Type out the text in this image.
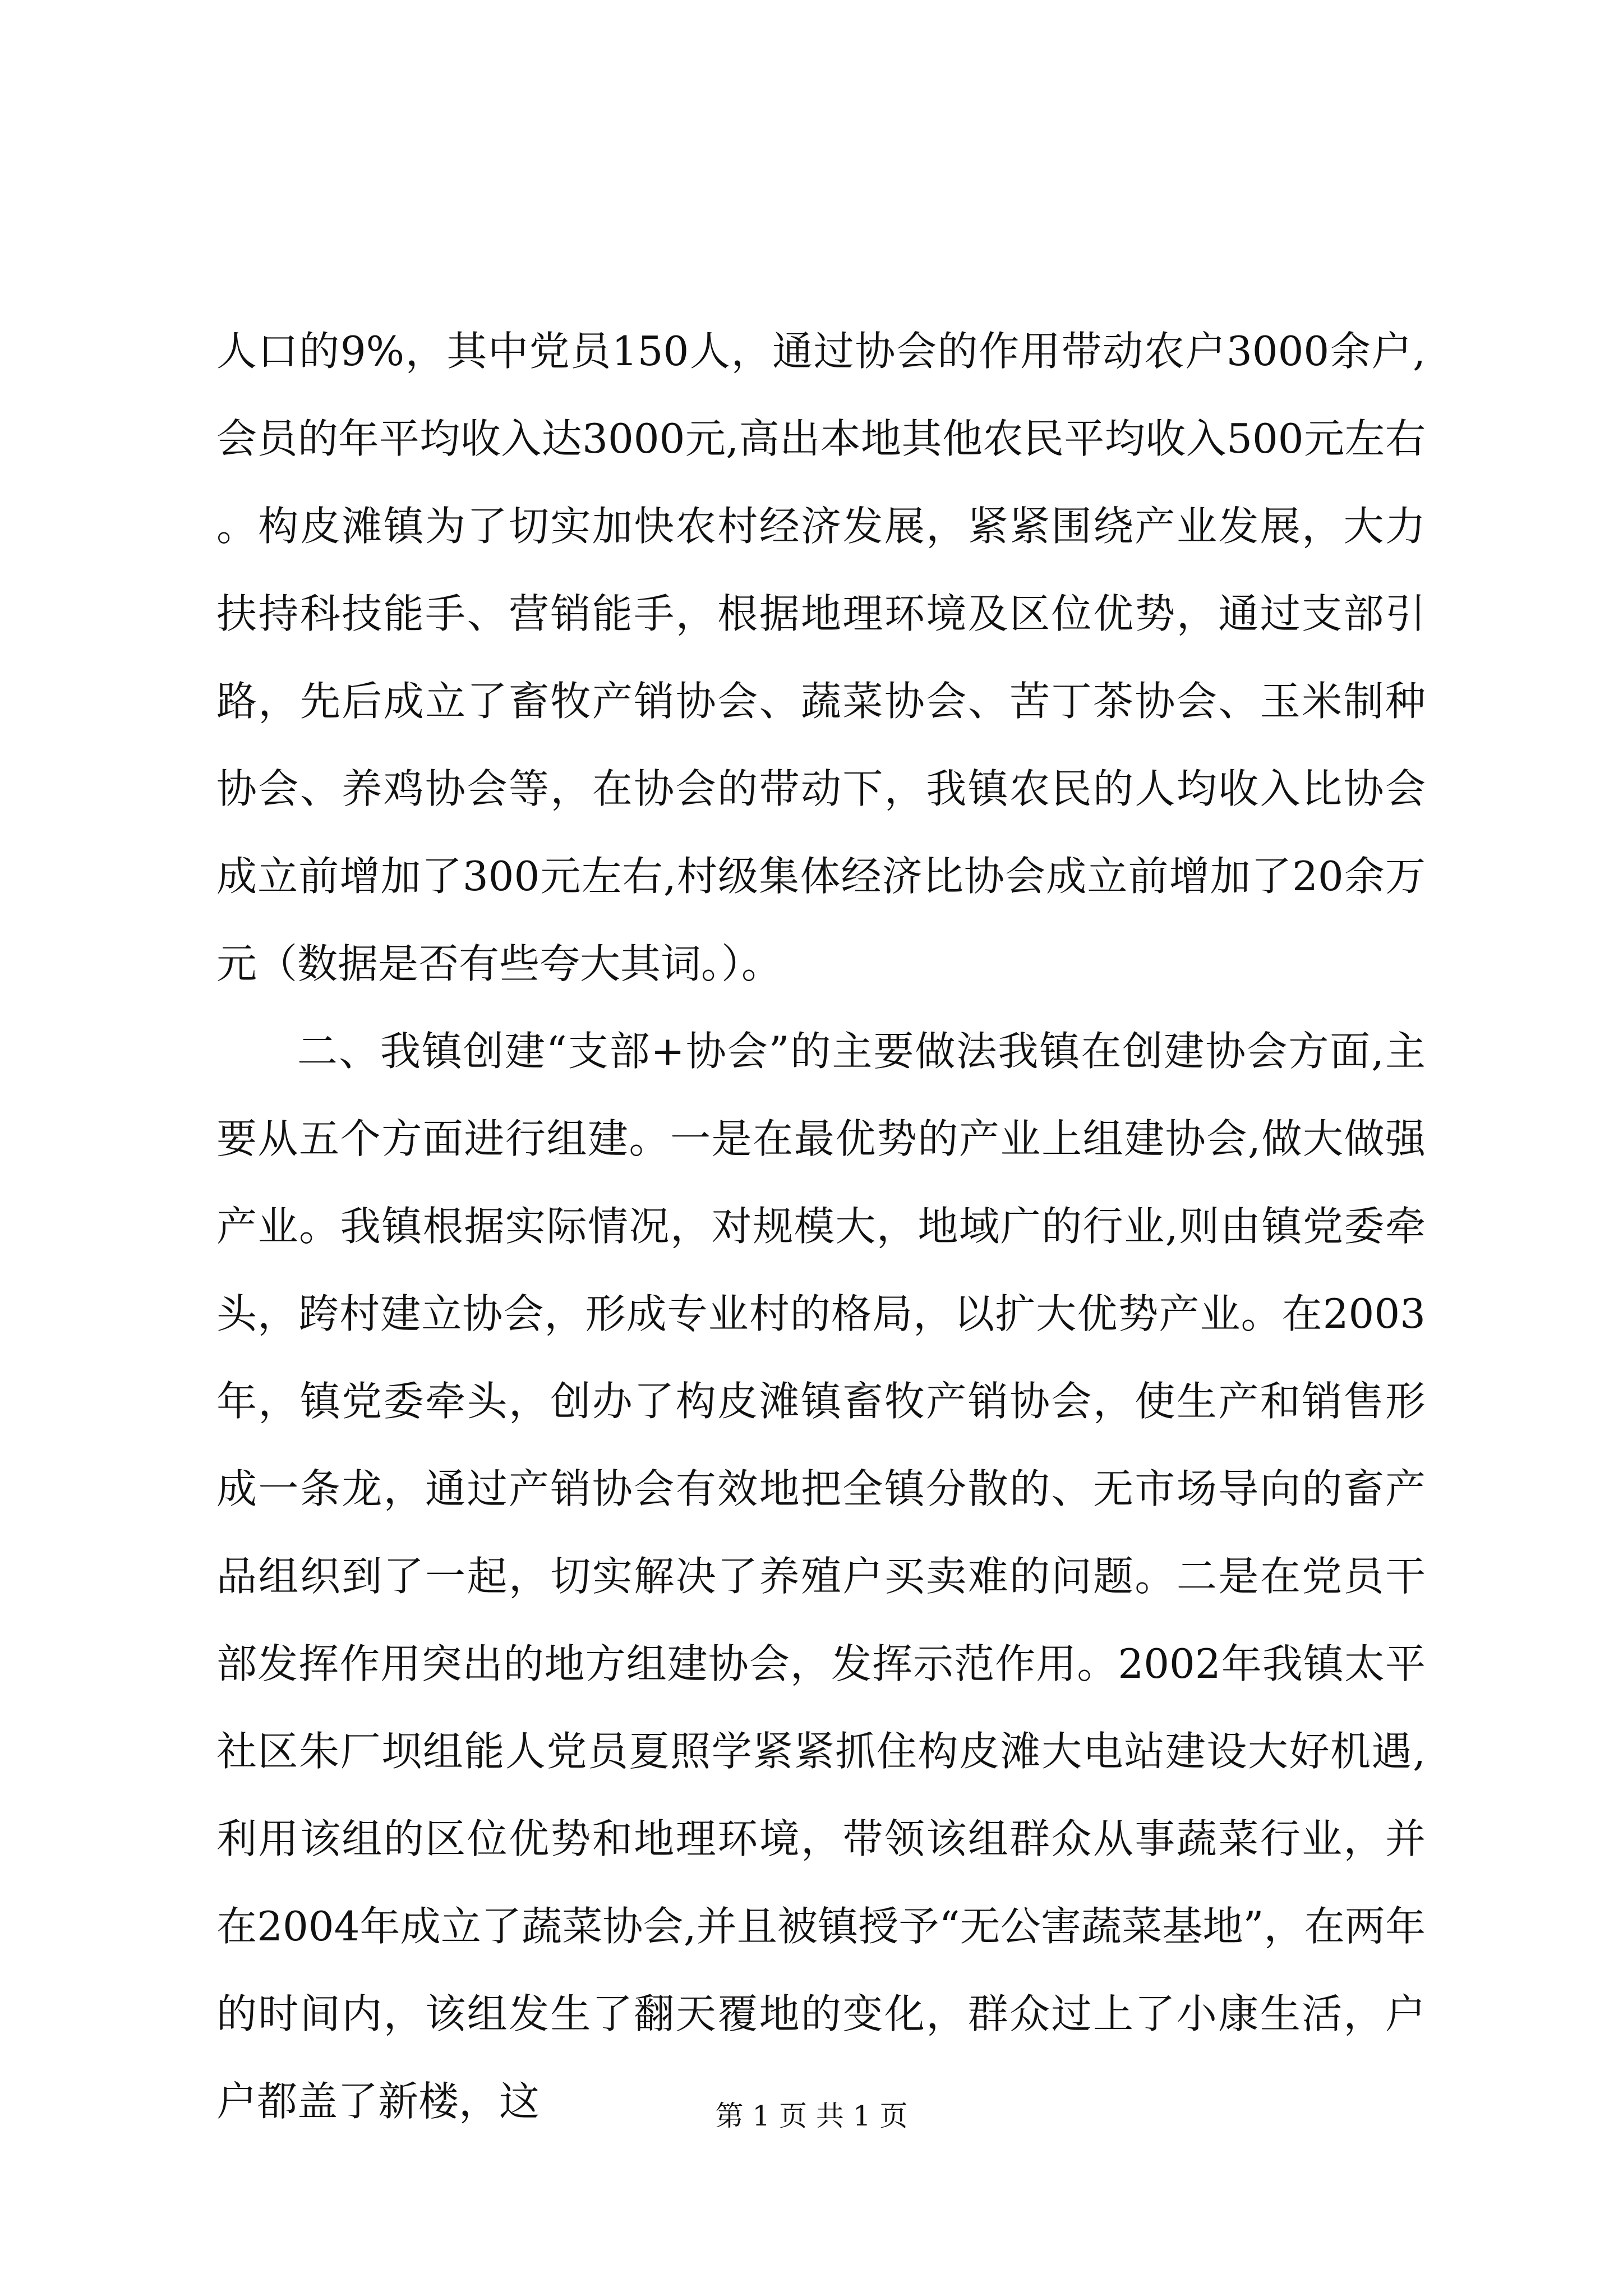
人口的9%，其中党员150人，通过协会的作用带动农户3000余户,会员的年平均收入达3000元,高出本地其他农民平均收入500元左右。构皮滩镇为了切实加快农村经济发展，紧紧围绕产业发展，大力扶持科技能手、营销能手，根据地理环境及区位优势，通过支部引路，先后成立了畜牧产销协会、蔬菜协会、苦丁茶协会、玉米制种协会、养鸡协会等，在协会的带动下，我镇农民的人均收入比协会成立前增加了300元左右,村级集体经济比协会成立前增加了20余万元（数据是否有些夸大其词。）。

二、我镇创建“支部+协会”的主要做法我镇在创建协会方面,主要从五个方面进行组建。一是在最优势的产业上组建协会,做大做强产业。我镇根据实际情况，对规模大，地域广的行业,则由镇党委牵头，跨村建立协会，形成专业村的格局，以扩大优势产业。在2003年，镇党委牵头，创办了构皮滩镇畜牧产销协会，使生产和销售形成一条龙，通过产销协会有效地把全镇分散的、无市场导向的畜产品组织到了一起，切实解决了养殖户买卖难的问题。二是在党员干部发挥作用突出的地方组建协会，发挥示范作用。2002年我镇太平社区朱厂坝组能人党员夏照学紧紧抓住构皮滩大电站建设大好机遇,利用该组的区位优势和地理环境，带领该组群众从事蔬菜行业，并在2004年成立了蔬菜协会,并且被镇授予“无公害蔬菜基地”，在两年的时间内，该组发生了翻天覆地的变化，群众过上了小康生活，户户都盖了新楼，这	第 1 页 共 1 页
